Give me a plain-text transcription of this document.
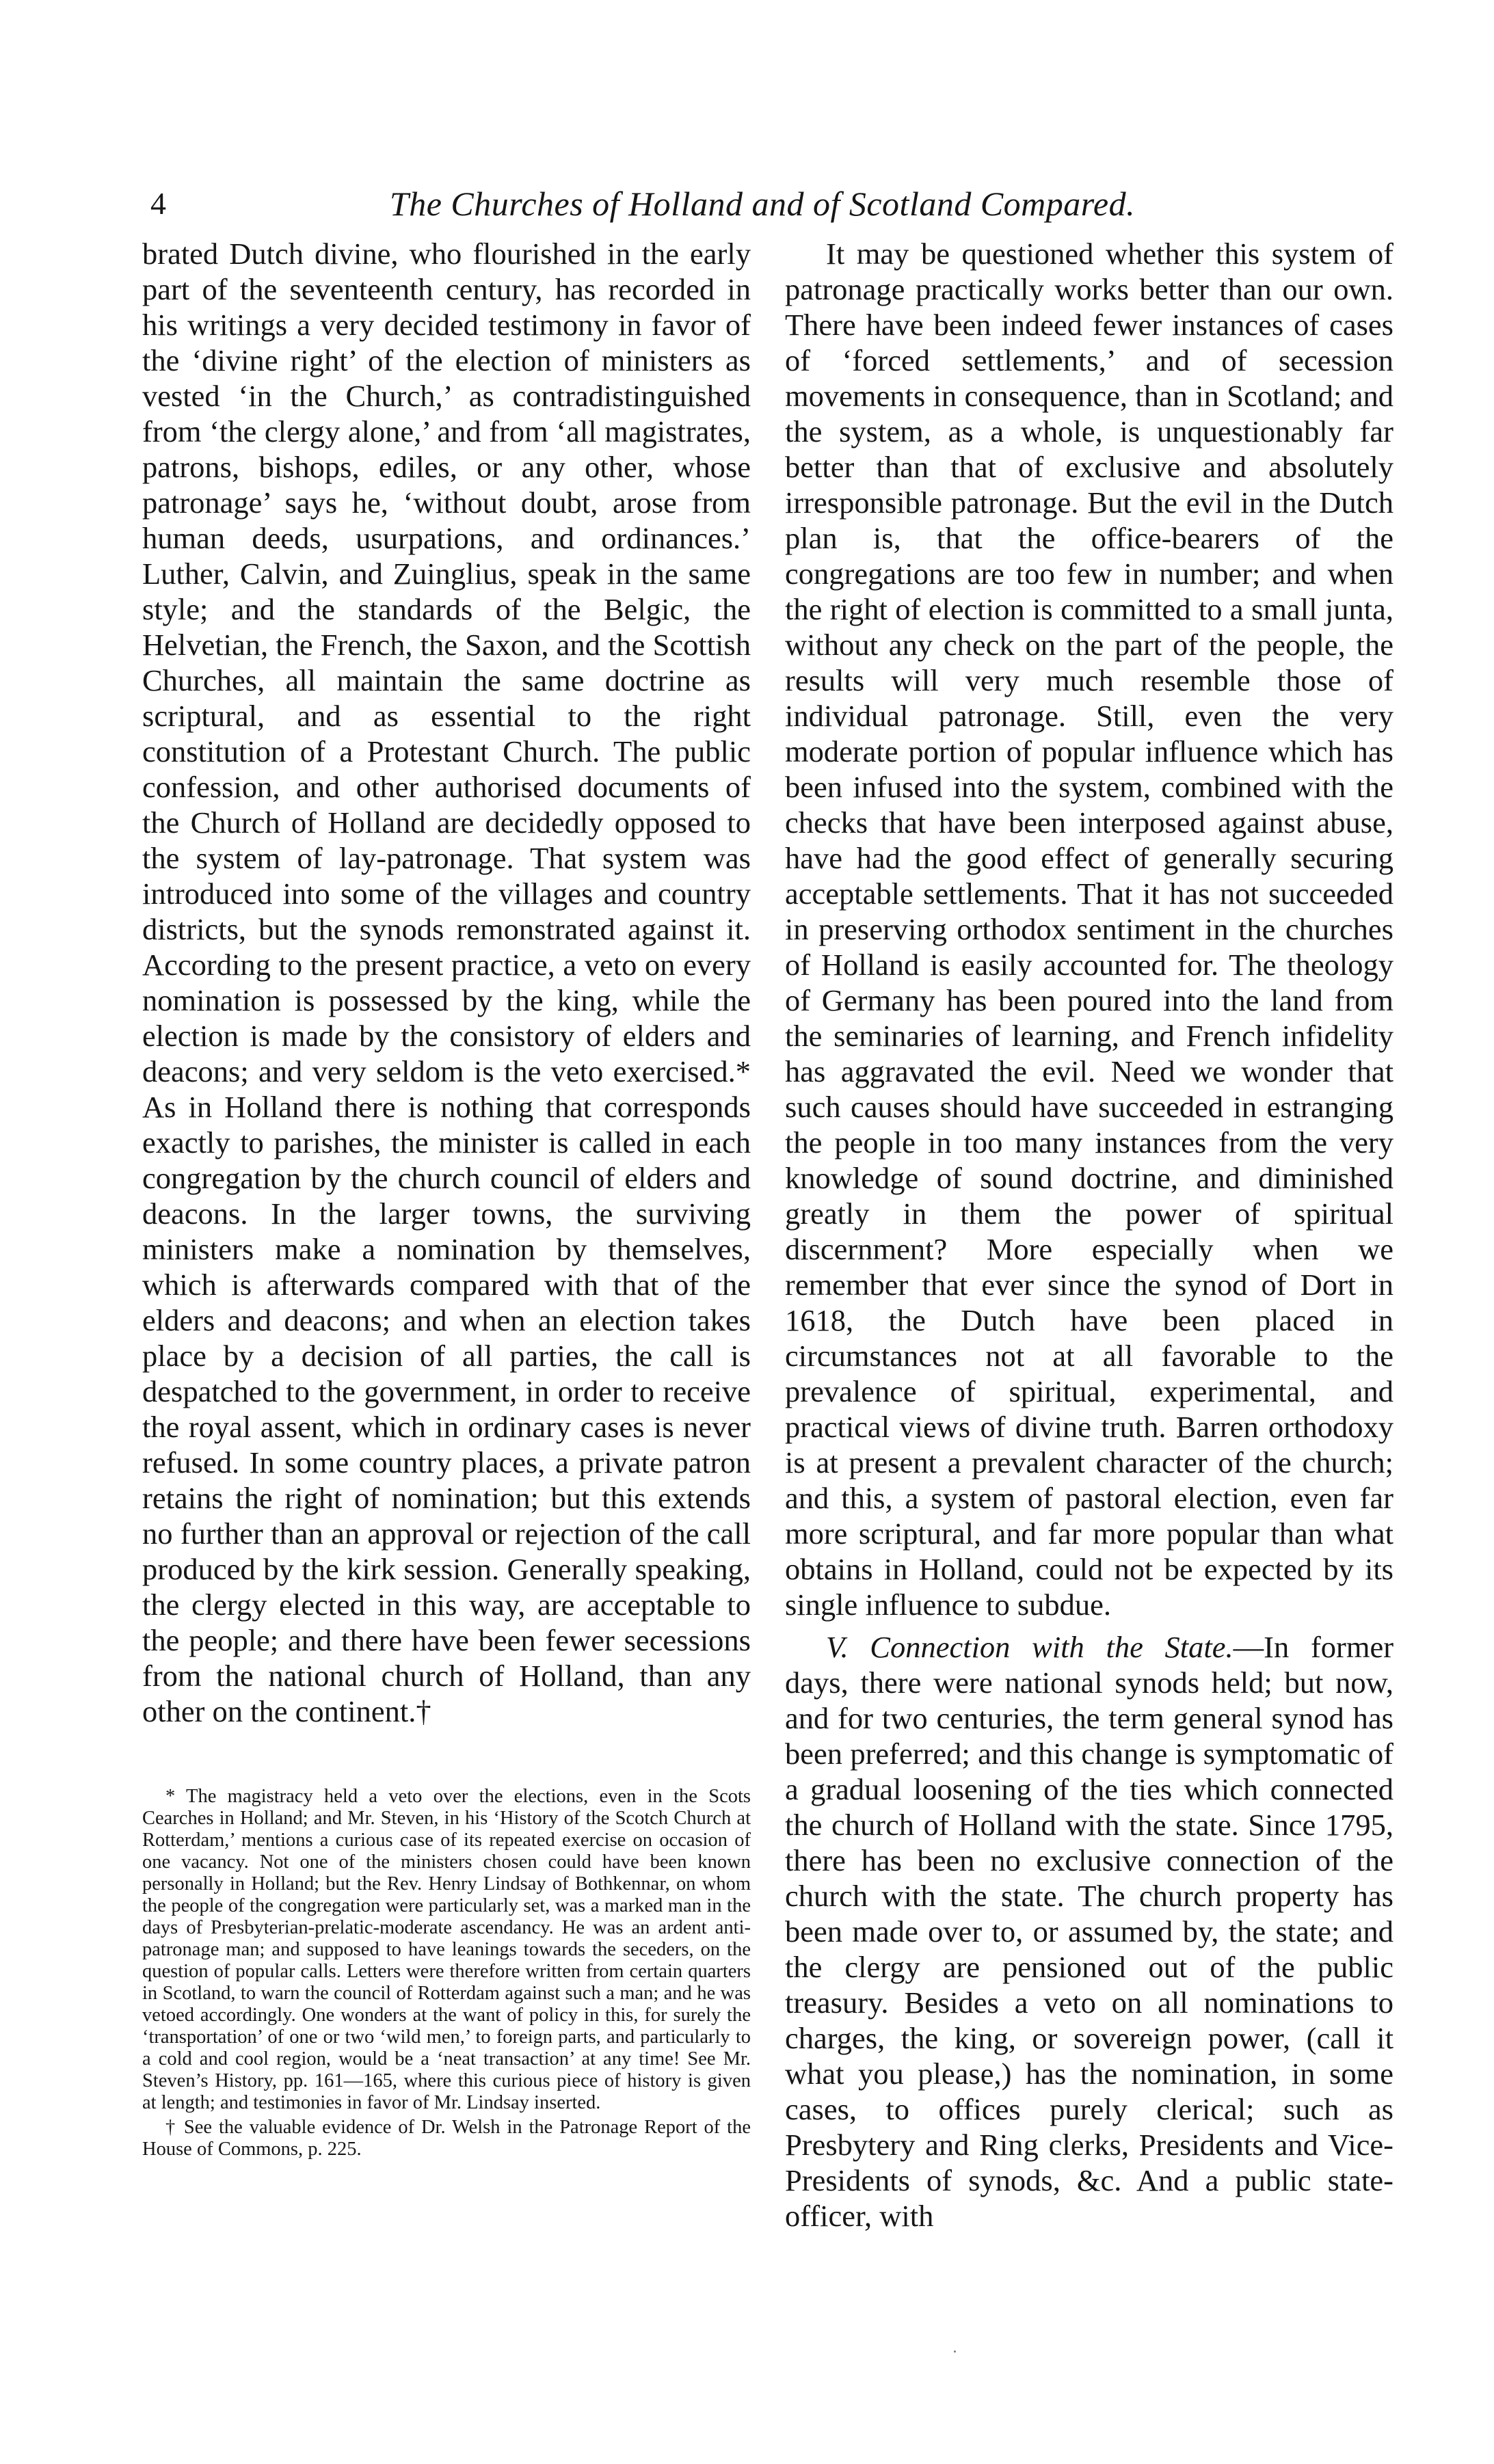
4	The Churches of Holland and of Scotland Compared.

brated Dutch divine, who flourished in the early part of the seventeenth century, has recorded in his writings a very decided testimony in favor of the ‘divine right’ of the election of ministers as vested ‘in the Church,’ as contradistinguished from ‘the clergy alone,’ and from ‘all magistrates, patrons, bishops, ediles, or any other, whose patronage’ says he, ‘without doubt, arose from human deeds, usurpations, and ordinances.’ Luther, Calvin, and Zuinglius, speak in the same style; and the standards of the Belgic, the Helvetian, the French, the Saxon, and the Scottish Churches, all maintain the same doctrine as scriptural, and as essential to the right constitution of a Protestant Church. The public confession, and other authorised documents of the Church of Holland are decidedly opposed to the system of lay-patronage. That system was introduced into some of the villages and country districts, but the synods remonstrated against it. According to the present practice, a veto on every nomination is possessed by the king, while the election is made by the consistory of elders and deacons; and very seldom is the veto exercised.* As in Holland there is nothing that corresponds exactly to parishes, the minister is called in each congregation by the church council of elders and deacons. In the larger towns, the surviving ministers make a nomination by themselves, which is afterwards compared with that of the elders and deacons; and when an election takes place by a decision of all parties, the call is despatched to the government, in order to receive the royal assent, which in ordinary cases is never refused. In some country places, a private patron retains the right of nomination; but this extends no further than an approval or rejection of the call produced by the kirk session. Generally speaking, the clergy elected in this way, are acceptable to the people; and there have been fewer secessions from the national church of Holland, than any other on the continent.†

* The magistracy held a veto over the elections, even in the Scots Cearches in Holland; and Mr. Steven, in his ‘History of the Scotch Church at Rotterdam,’ mentions a curious case of its repeated exercise on occasion of one vacancy. Not one of the ministers chosen could have been known personally in Holland; but the Rev. Henry Lindsay of Bothkennar, on whom the people of the congregation were particularly set, was a marked man in the days of Presbyterian-prelatic-moderate ascendancy. He was an ardent anti-patronage man; and supposed to have leanings towards the seceders, on the question of popular calls. Letters were therefore written from certain quarters in Scotland, to warn the council of Rotterdam against such a man; and he was vetoed accordingly. One wonders at the want of policy in this, for surely the ‘transportation’ of one or two ‘wild men,’ to foreign parts, and particularly to a cold and cool region, would be a ‘neat transaction’ at any time! See Mr. Steven’s History, pp. 161—165, where this curious piece of history is given at length; and testimonies in favor of Mr. Lindsay inserted.

† See the valuable evidence of Dr. Welsh in the Patronage Report of the House of Commons, p. 225.

It may be questioned whether this system of patronage practically works better than our own. There have been indeed fewer instances of cases of ‘forced settlements,’ and of secession movements in consequence, than in Scotland; and the system, as a whole, is unquestionably far better than that of exclusive and absolutely irresponsible patronage. But the evil in the Dutch plan is, that the office-bearers of the congregations are too few in number; and when the right of election is committed to a small junta, without any check on the part of the people, the results will very much resemble those of individual patronage. Still, even the very moderate portion of popular influence which has been infused into the system, combined with the checks that have been interposed against abuse, have had the good effect of generally securing acceptable settlements. That it has not succeeded in preserving orthodox sentiment in the churches of Holland is easily accounted for. The theology of Germany has been poured into the land from the seminaries of learning, and French infidelity has aggravated the evil. Need we wonder that such causes should have succeeded in estranging the people in too many instances from the very knowledge of sound doctrine, and diminished greatly in them the power of spiritual discernment? More especially when we remember that ever since the synod of Dort in 1618, the Dutch have been placed in circumstances not at all favorable to the prevalence of spiritual, experimental, and practical views of divine truth. Barren orthodoxy is at present a prevalent character of the church; and this, a system of pastoral election, even far more scriptural, and far more popular than what obtains in Holland, could not be expected by its single influence to subdue.

V. Connection with the State.—In former days, there were national synods held; but now, and for two centuries, the term general synod has been preferred; and this change is symptomatic of a gradual loosening of the ties which connected the church of Holland with the state. Since 1795, there has been no exclusive connection of the church with the state. The church property has been made over to, or assumed by, the state; and the clergy are pensioned out of the public treasury. Besides a veto on all nominations to charges, the king, or sovereign power, (call it what you please,) has the nomination, in some cases, to offices purely clerical; such as Presbytery and Ring clerks, Presidents and Vice-Presidents of synods, &c. And a public state-officer, with
